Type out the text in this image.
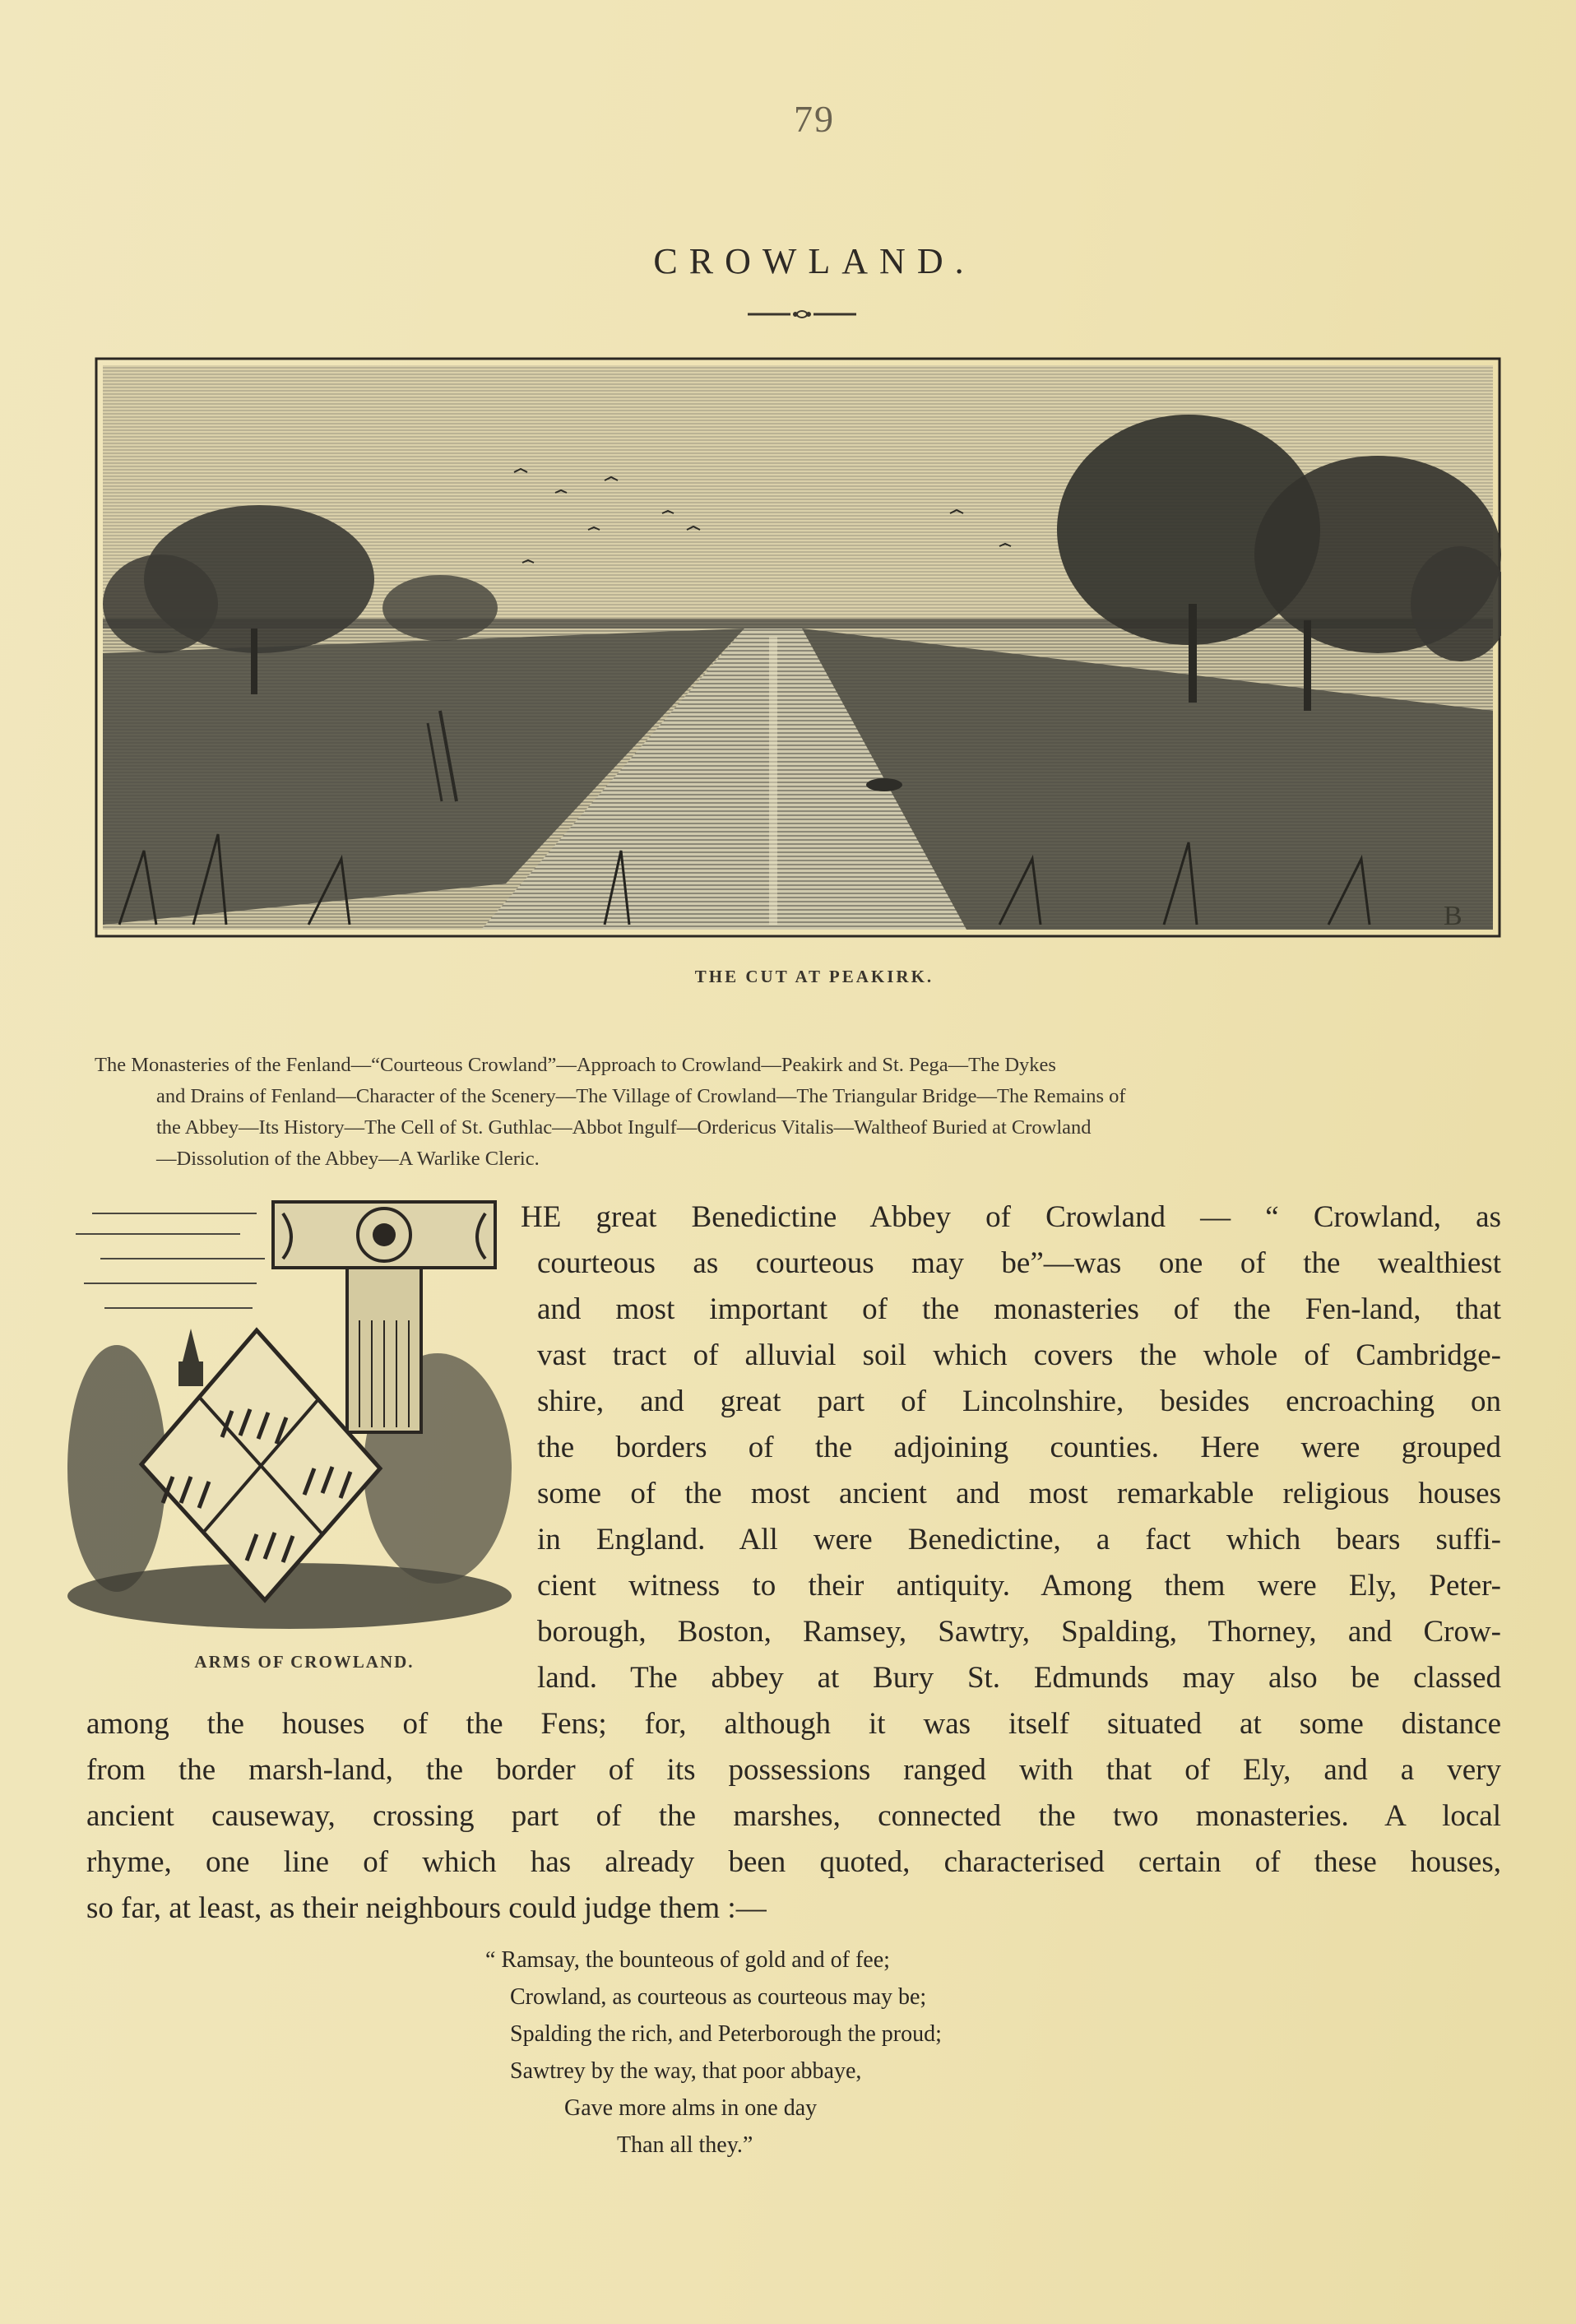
79
CROWLAND.
B
THE CUT AT PEAKIRK.
The Monasteries of the Fenland—“Courteous Crowland”—Approach to Crowland—Peakirk and St. Pega—The Dykes
and Drains of Fenland—Character of the Scenery—The Village of Crowland—The Triangular Bridge—The Remains of
the Abbey—Its History—The Cell of St. Guthlac—Abbot Ingulf—Ordericus Vitalis—Waltheof Buried at Crowland
—Dissolution of the Abbey—A Warlike Cleric.
ARMS OF CROWLAND.
HE great Benedictine Abbey of Crowland — “ Crowland, as
courteous as courteous may be”—was one of the wealthiest
and most important of the monasteries of the Fen-land, that
vast tract of alluvial soil which covers the whole of Cambridge-
shire, and great part of Lincolnshire, besides encroaching on
the borders of the adjoining counties. Here were grouped
some of the most ancient and most remarkable religious houses
in England. All were Benedictine, a fact which bears suffi-
cient witness to their antiquity. Among them were Ely, Peter-
borough, Boston, Ramsey, Sawtry, Spalding, Thorney, and Crow-
land. The abbey at Bury St. Edmunds may also be classed
among the houses of the Fens; for, although it was itself situated at some distance
from the marsh-land, the border of its possessions ranged with that of Ely, and a very
ancient causeway, crossing part of the marshes, connected the two monasteries. A local
rhyme, one line of which has already been quoted, characterised certain of these houses,
so far, at least, as their neighbours could judge them :—
“ Ramsay, the bounteous of gold and of fee;
Crowland, as courteous as courteous may be;
Spalding the rich, and Peterborough the proud;
Sawtrey by the way, that poor abbaye,
Gave more alms in one day
Than all they.”
